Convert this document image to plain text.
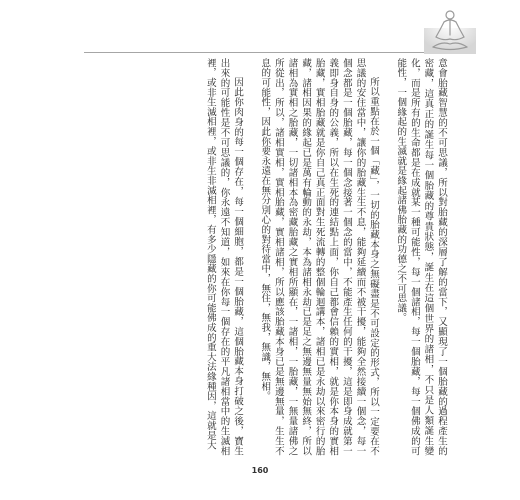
意會胎藏智慧的不可思議，所以對胎藏的深層了解的當下，又顯現了一個胎藏的過程產生的密藏，這真正的誕生每一個胎藏的尊貴狀態，誕生在這個世界的諸相，不只是人類誕生變化，而是所有的生命都是在成就某一種可能性，每一個諸相，每一個胎藏，每一個佛成的可能性，一個緣起的生滅就是緣起諸佛胎藏的功德之不可思議。

所以重點在於一個「藏」，一切的胎藏本身之無礙盡是不可設定的形式，所以一定要在不思議的安住當中，讓你的胎藏生生不息，能夠延續而不被干擾，能夠全然接續一個念，每一個念都是一個胎藏，每一個念接著一個念的當中，不能產生任何的干擾，這是即身成就第一義即身自身的公義，所以在生死的連結點上面，你自己都會信賴的實相，就是你本身的實相胎藏，實相胎藏就是你自己真正面對生死流轉的整個輪迴講本，諸相已是永劫以來密行的胎藏，諸相因果的緣起已是萬有輪動的永劫，本為諸相永劫已是足之無邊無量無始無終，所以諸相為實相之胎藏，一切諸相本為密藏胎藏之實相所顯在，一諸相，一胎藏，一無量諸佛之所從出，所以，諸相實相，實相胎藏，實相諸相，所以應該胎藏本身已是無邊無量，生生不息的可能性，因此你要永遠在無分別心的對待當中，無住，無我，無識，無相。

因此你肉身的每一個存在，每一個細胞，都是一個胎藏，這個胎藏本身打破之後，寶生出來的可能性是不可思議的，你永遠不知道，如來在你每一個存在的平凡諸相當中的生滅相裡，或非生滅相裡，或非生非滅相裡，有多少隱藏的你可能佛成的重大法緣種因，這就是大

160
